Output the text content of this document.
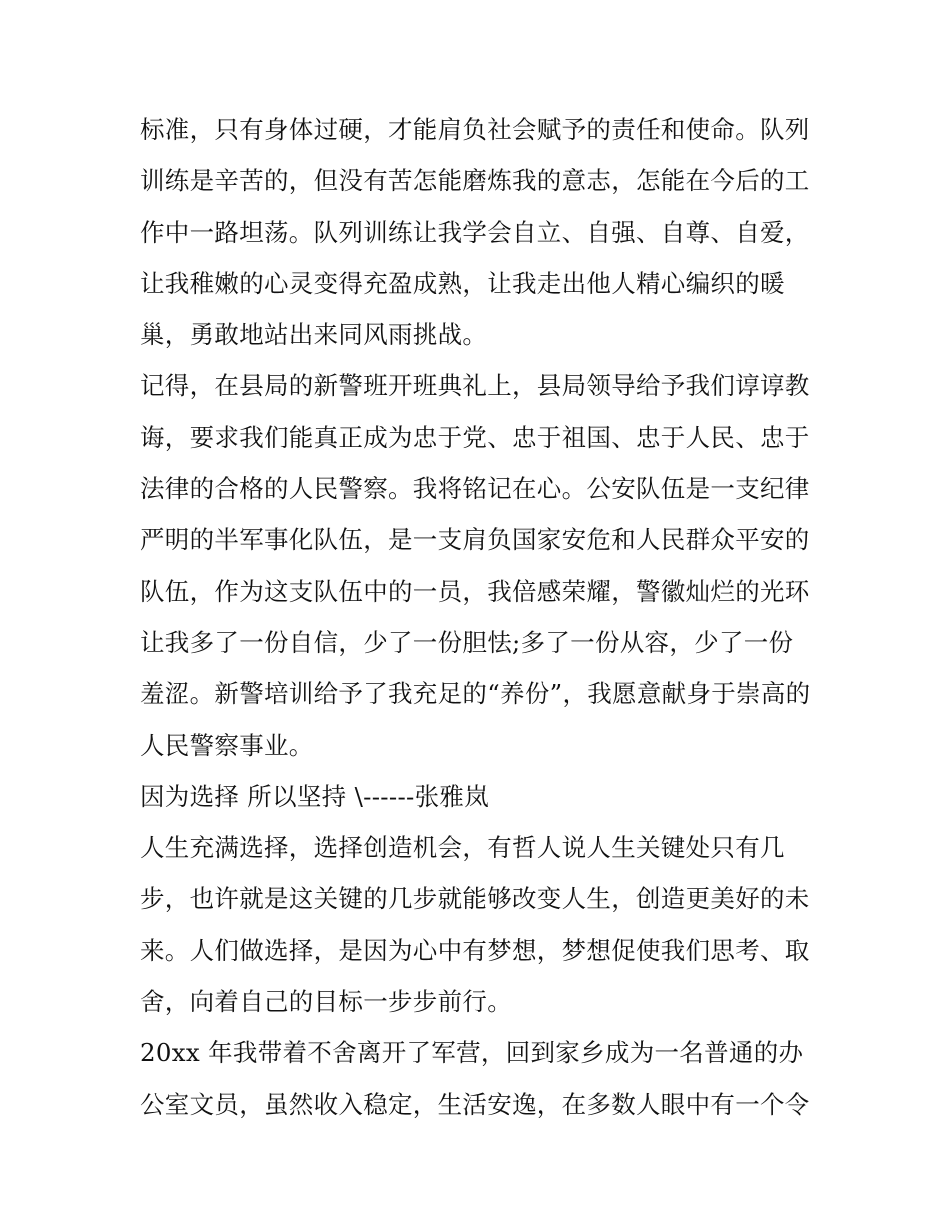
标准，只有身体过硬，才能肩负社会赋予的责任和使命。队列
训练是辛苦的，但没有苦怎能磨炼我的意志，怎能在今后的工
作中一路坦荡。队列训练让我学会自立、自强、自尊、自爱，
让我稚嫩的心灵变得充盈成熟，让我走出他人精心编织的暖
巢，勇敢地站出来同风雨挑战。
记得，在县局的新警班开班典礼上，县局领导给予我们谆谆教
诲，要求我们能真正成为忠于党、忠于祖国、忠于人民、忠于
法律的合格的人民警察。我将铭记在心。公安队伍是一支纪律
严明的半军事化队伍，是一支肩负国家安危和人民群众平安的
队伍，作为这支队伍中的一员，我倍感荣耀，警徽灿烂的光环
让我多了一份自信，少了一份胆怯;多了一份从容，少了一份
羞涩。新警培训给予了我充足的“养份”，我愿意献身于崇高的
人民警察事业。
因为选择 所以坚持 \------张雅岚
人生充满选择，选择创造机会，有哲人说人生关键处只有几
步，也许就是这关键的几步就能够改变人生，创造更美好的未
来。人们做选择，是因为心中有梦想，梦想促使我们思考、取
舍，向着自己的目标一步步前行。
20xx 年我带着不舍离开了军营，回到家乡成为一名普通的办
公室文员，虽然收入稳定，生活安逸，在多数人眼中有一个令
